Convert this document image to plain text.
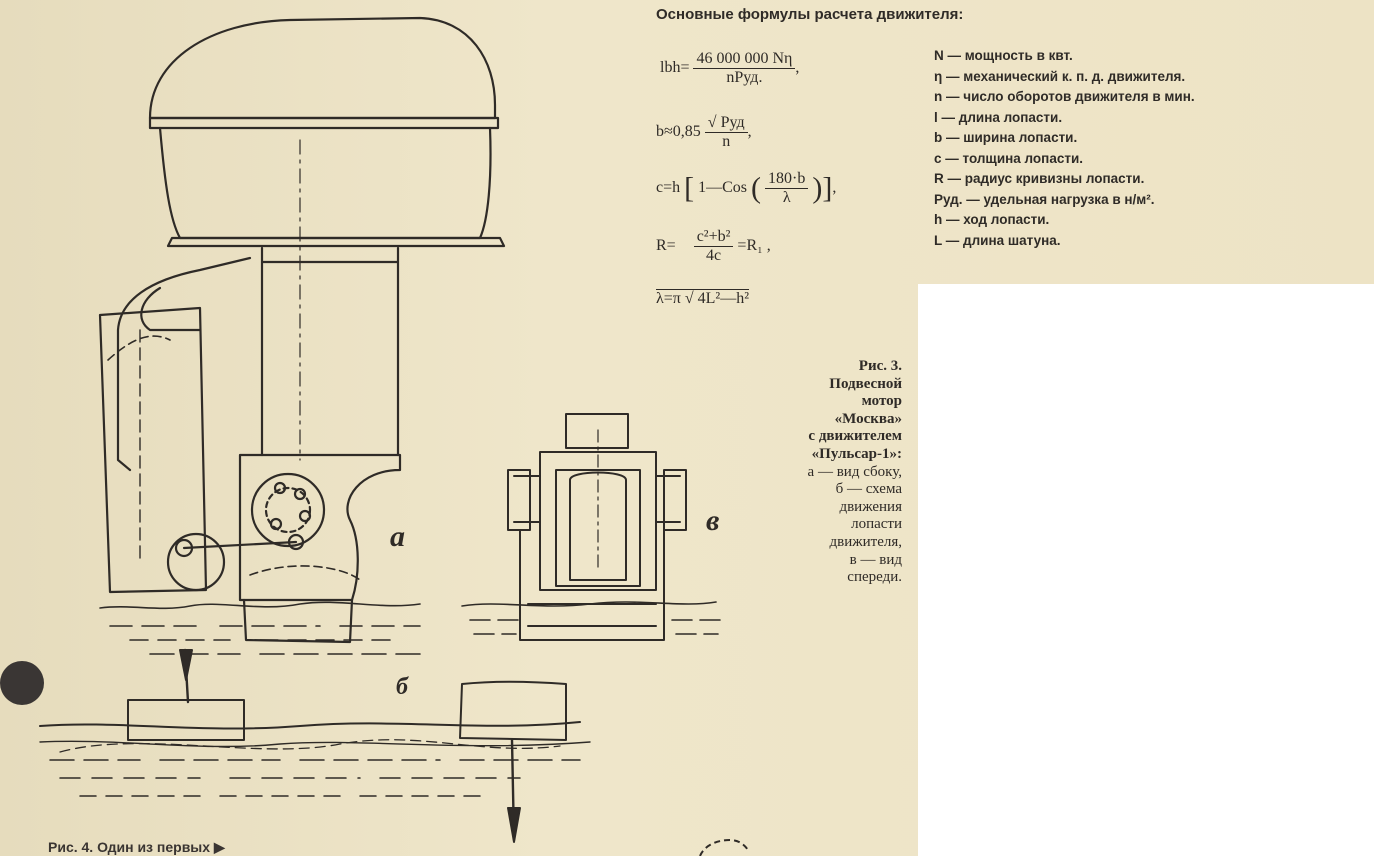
а
б
в
Основные формулы расчета движителя:
$lbh= \frac{46 000 000 N\eta}{\text{nPуд.}}$ ,
$b\approx 0,85 \frac{\text{√ Pуд}}{n}$ ,
c=h [ 1—Cos ( $\frac{180\cdot b}{\lambda}$ )],
$R= \frac{\text{c²+b²}}{4c} =R_1$ ,
λ=π √ 4L²—h²
N — мощность в квт.
η — механический к. п. д. движителя.
n — число оборотов движителя в мин.
l — длина лопасти.
b — ширина лопасти.
c — толщина лопасти.
R — радиус кривизны лопасти.
Pуд. — удельная нагрузка в н/м².
h — ход лопасти.
L — длина шатуна.
Рис. 3.
Подвесной
мотор
«Москва»
с движителем
«Пульсар-1»:
а — вид сбоку,
б — схема
движения
лопасти
движителя,
в — вид
спереди.
Рис. 4. Один из первых ▶
